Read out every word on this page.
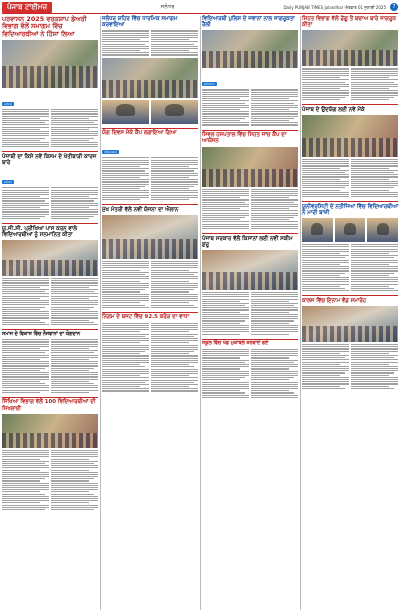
ਪੰਜਾਬ ਟਾਈਮਜ਼	ਜਲੰਧਰ	Daily PUNJAB TIMES Jalandhar ਐਤਵਾਰ 01 ਜੁਲਾਈ 2025	7
ਪਰਵਾਸਨ 2025 ਵਰਕਸ਼ਾਪ ਡੇਅਰੀ ਵਿਭਾਗ ਵੱਲੋਂ ਸਮਾਗਮ ਵਿੱਚ ਵਿਦਿਆਰਥੀਆਂ ਨੇ ਹਿੱਸਾ ਲਿਆ
ਜਲੰਧਰ
ਪੰਜਾਬੀ ਦਾ ਕਿਸੇ ਨਵੇਂ ਕਿਸਮ ਦੇ ਖੇਤੀਬਾੜੀ ਕਾਰਜ ਬਾਰੇ
ਜਲੰਧਰ
ਯੂ.ਜੀ.ਸੀ. ਪ੍ਰੀਖਿਆ ਪਾਸ ਕਰਨ ਵਾਲੇ ਵਿਦਿਆਰਥੀਆਂ ਨੂੰ ਸਨਮਾਨਿਤ ਕੀਤਾ
ਸਮਾਜ ਦੇ ਵਿਕਾਸ ਵਿੱਚ ਨੌਜਵਾਨਾਂ ਦਾ ਯੋਗਦਾਨ
ਸਿੱਖਿਆ ਵਿਭਾਗ ਵੱਲੋਂ 100 ਵਿਦਿਆਰਥੀਆਂ ਦੀ ਸਿਖਲਾਈ
ਜਲੰਧਰ ਸ਼ਹਿਰ ਵਿੱਚ ਧਾਰਮਿਕ ਸਮਾਗਮ ਕਰਵਾਇਆ
ਯੋਗ ਦਿਵਸ ਮੌਕੇ ਕੈਂਪ ਲਗਾਇਆ ਗਿਆ
ਅੰਮ੍ਰਿਤਸਰ
ਮੁੱਖ ਮੰਤਰੀ ਵੱਲੋਂ ਨਵੀਂ ਯੋਜਨਾ ਦਾ ਐਲਾਨ
ਨਿਗਮ ਦੇ ਬਜਟ ਵਿੱਚ 92.5 ਕਰੋੜ ਦਾ ਵਾਧਾ
ਵਿਦਿਆਰਥੀ ਪੁਲਿਸ ਦੇ ਜਵਾਨਾਂ ਨਾਲ ਜਾਗਰੂਕਤਾ ਰੈਲੀ
ਲੁਧਿਆਣਾ
ਸਿਵਲ ਹਸਪਤਾਲ ਵਿੱਚ ਸਿਹਤ ਜਾਂਚ ਕੈਂਪ ਦਾ ਆਯੋਜਨ
ਪੰਜਾਬ ਸਰਕਾਰ ਵੱਲੋਂ ਕਿਸਾਨਾਂ ਲਈ ਨਵੀਂ ਸਕੀਮ ਸ਼ੁਰੂ
ਸਕੂਲ ਵਿੱਚ ਖੇਡ ਮੁਕਾਬਲੇ ਕਰਵਾਏ ਗਏ
ਸਿਹਤ ਵਿਭਾਗ ਵੱਲੋਂ ਡੇਂਗੂ ਤੋਂ ਬਚਾਅ ਬਾਰੇ ਜਾਗਰੂਕ ਕੀਤਾ
ਪੰਜਾਬ ਦੇ ਉਦਯੋਗ ਲਈ ਨਵੇਂ ਮੌਕੇ
ਯੂਨੀਵਰਸਿਟੀ ਦੇ ਨਤੀਜਿਆਂ ਵਿੱਚ ਵਿਦਿਆਰਥੀਆਂ ਨੇ ਮਾਰੀ ਬਾਜ਼ੀ
ਕਾਲਜ ਵਿੱਚ ਇਨਾਮ ਵੰਡ ਸਮਾਰੋਹ
